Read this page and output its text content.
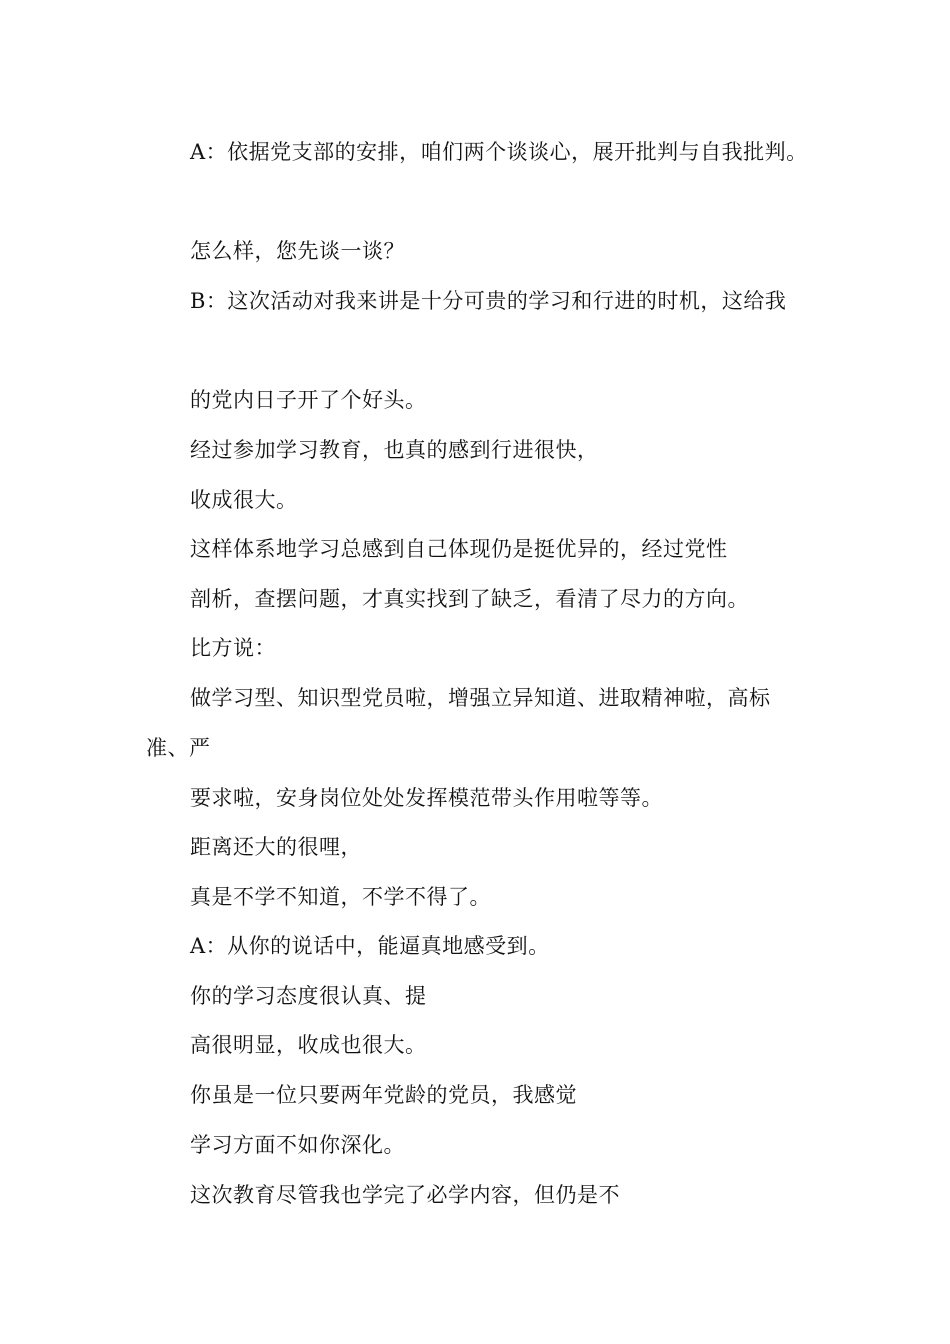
A：依据党支部的安排，咱们两个谈谈心，展开批判与自我批判。
怎么样，您先谈一谈？
B：这次活动对我来讲是十分可贵的学习和行进的时机，这给我
的党内日子开了个好头。
经过参加学习教育，也真的感到行进很快，
收成很大。
这样体系地学习总感到自己体现仍是挺优异的，经过党性
剖析，查摆问题，才真实找到了缺乏，看清了尽力的方向。
比方说：
做学习型、知识型党员啦，增强立异知道、进取精神啦，高标
准、严
要求啦，安身岗位处处发挥模范带头作用啦等等。
距离还大的很哩，
真是不学不知道，不学不得了。
A：从你的说话中，能逼真地感受到。
你的学习态度很认真、提
高很明显，收成也很大。
你虽是一位只要两年党龄的党员，我感觉
学习方面不如你深化。
这次教育尽管我也学完了必学内容，但仍是不
